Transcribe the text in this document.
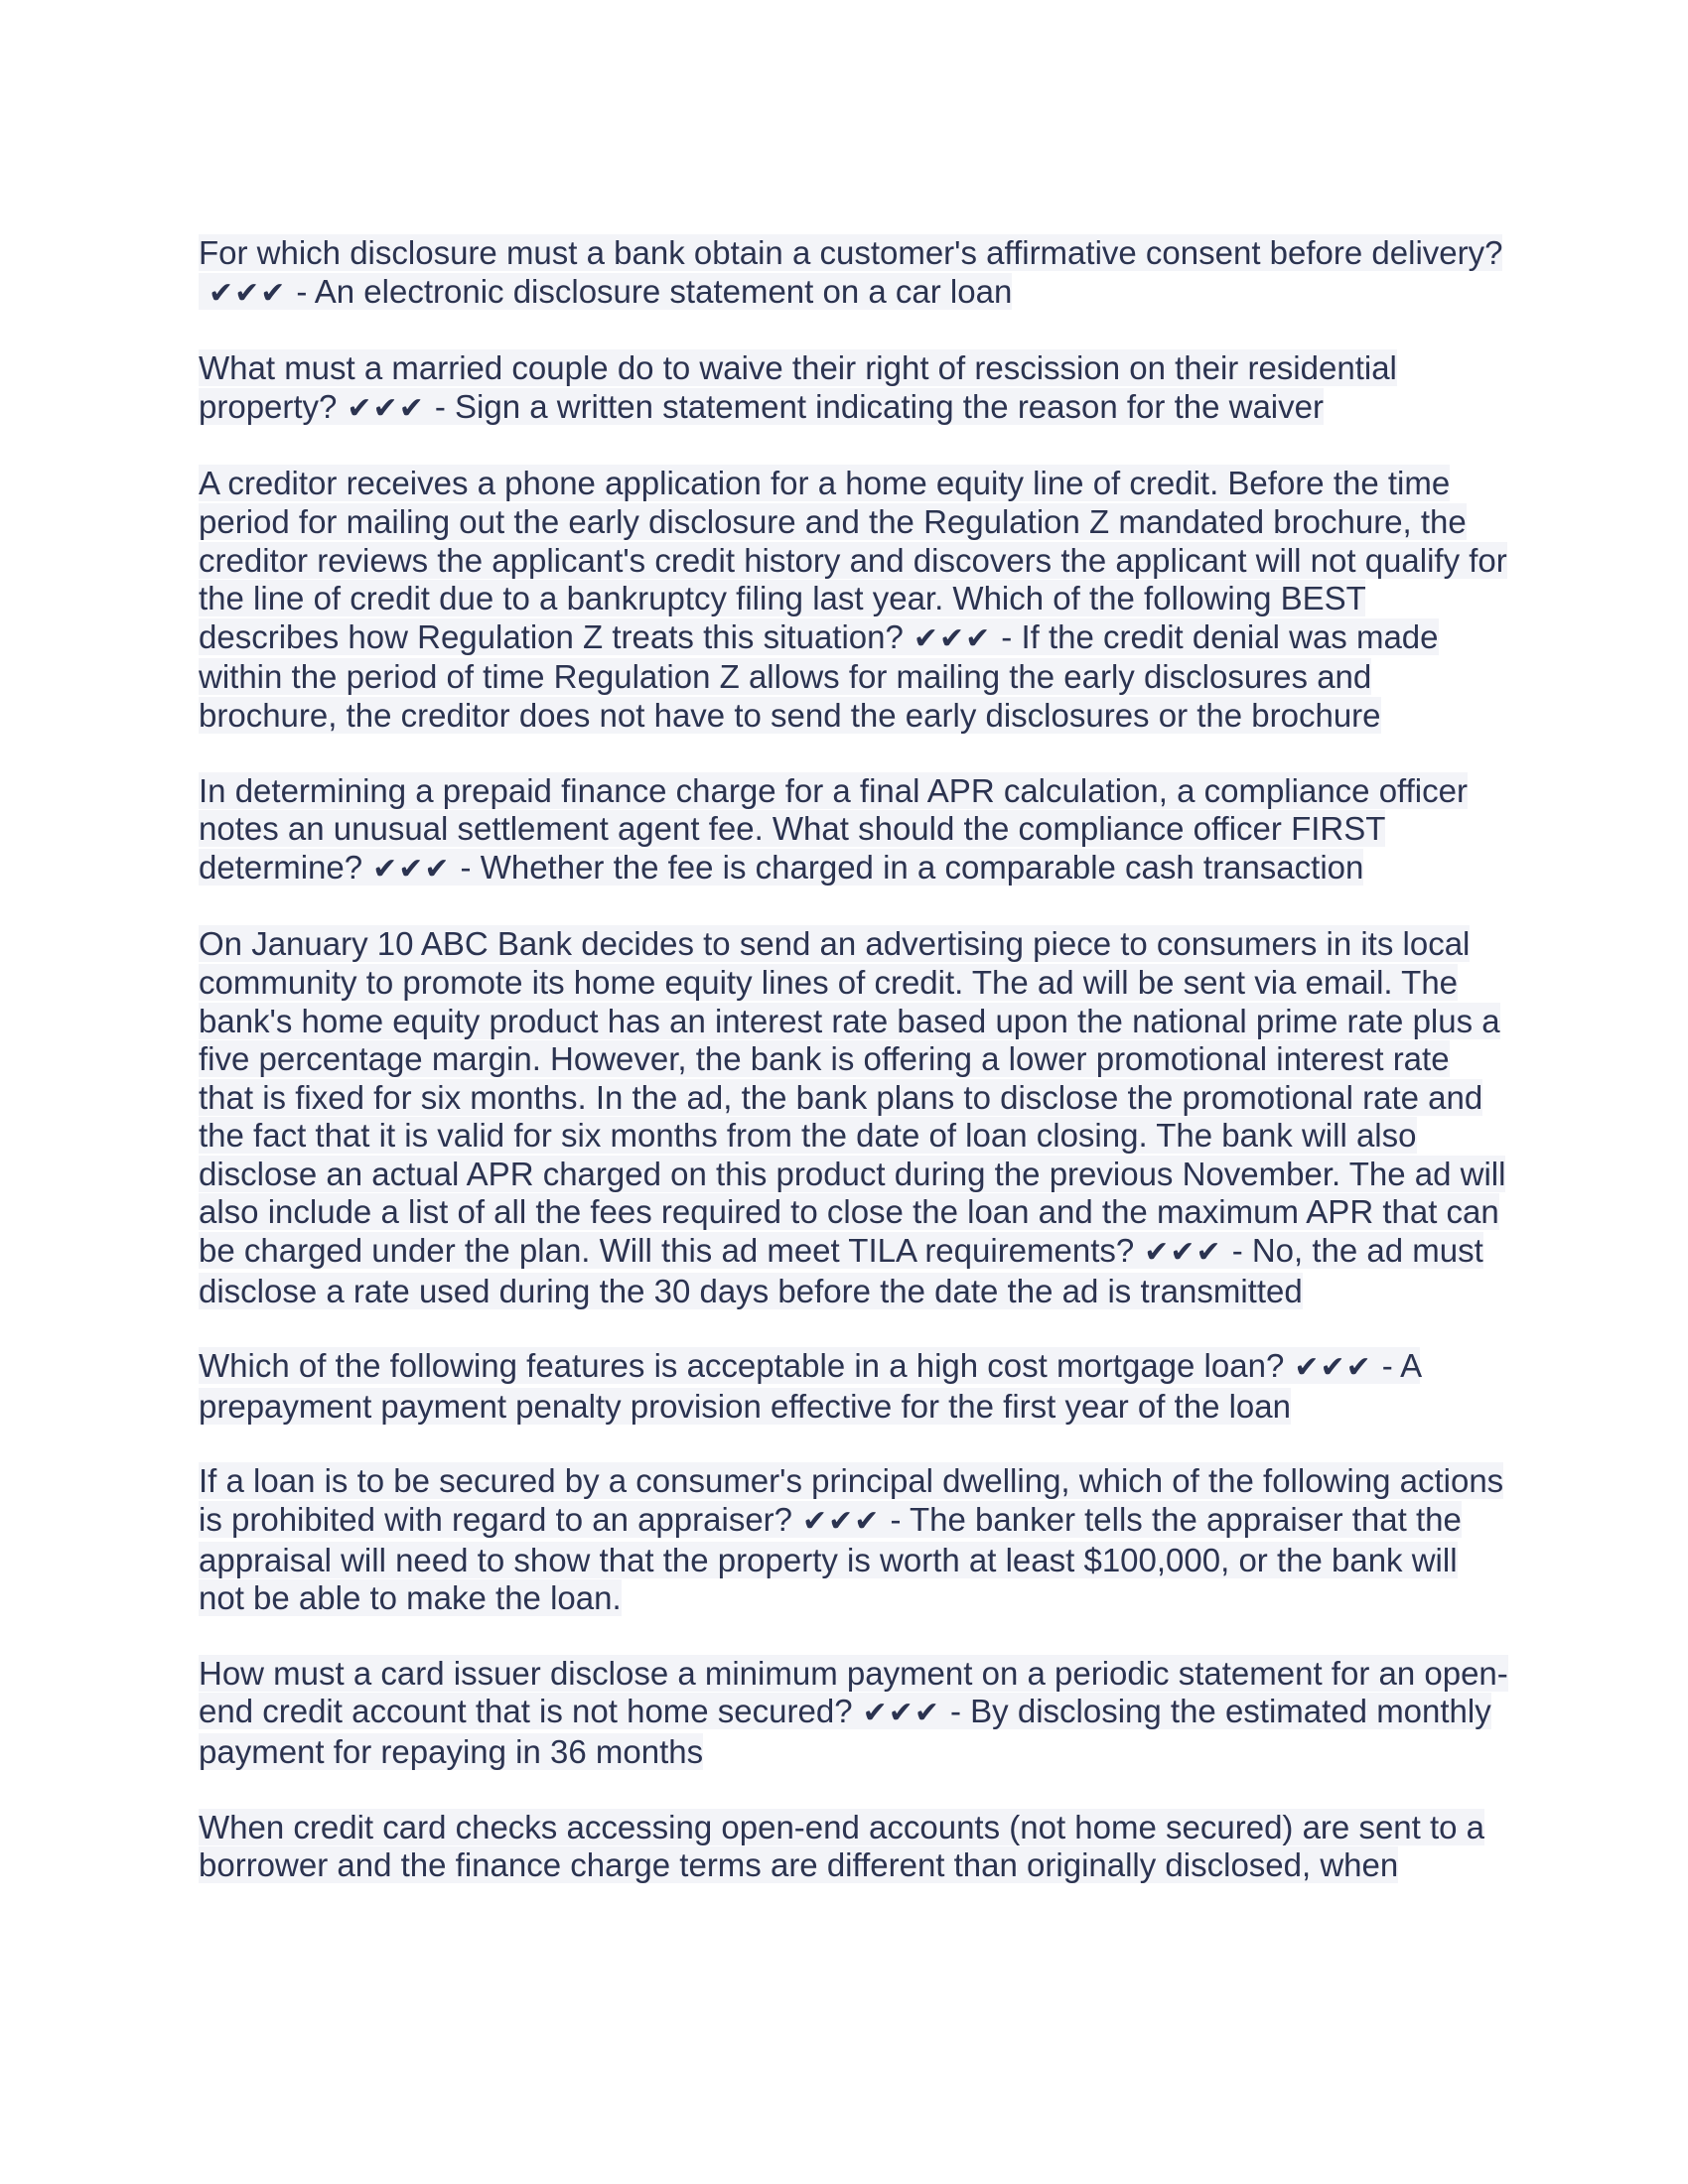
For which disclosure must a bank obtain a customer's affirmative consent before delivery?✔✔✔ - An electronic disclosure statement on a car loan

What must a married couple do to waive their right of rescission on their residential property? ✔✔✔ - Sign a written statement indicating the reason for the waiver

A creditor receives a phone application for a home equity line of credit. Before the time period for mailing out the early disclosure and the Regulation Z mandated brochure, the creditor reviews the applicant's credit history and discovers the applicant will not qualify for the line of credit due to a bankruptcy filing last year. Which of the following BEST describes how Regulation Z treats this situation? ✔✔✔ - If the credit denial was made within the period of time Regulation Z allows for mailing the early disclosures and brochure, the creditor does not have to send the early disclosures or the brochure

In determining a prepaid finance charge for a final APR calculation, a compliance officer notes an unusual settlement agent fee. What should the compliance officer FIRST determine? ✔✔✔ - Whether the fee is charged in a comparable cash transaction

On January 10 ABC Bank decides to send an advertising piece to consumers in its local community to promote its home equity lines of credit. The ad will be sent via email. The bank's home equity product has an interest rate based upon the national prime rate plus a five percentage margin. However, the bank is offering a lower promotional interest rate that is fixed for six months. In the ad, the bank plans to disclose the promotional rate and the fact that it is valid for six months from the date of loan closing. The bank will also disclose an actual APR charged on this product during the previous November. The ad will also include a list of all the fees required to close the loan and the maximum APR that can be charged under the plan. Will this ad meet TILA requirements? ✔✔✔ - No, the ad must disclose a rate used during the 30 days before the date the ad is transmitted

Which of the following features is acceptable in a high cost mortgage loan? ✔✔✔ - A prepayment payment penalty provision effective for the first year of the loan

If a loan is to be secured by a consumer's principal dwelling, which of the following actions is prohibited with regard to an appraiser? ✔✔✔ - The banker tells the appraiser that the appraisal will need to show that the property is worth at least $100,000, or the bank will not be able to make the loan.

How must a card issuer disclose a minimum payment on a periodic statement for an open-end credit account that is not home secured? ✔✔✔ - By disclosing the estimated monthly payment for repaying in 36 months

When credit card checks accessing open-end accounts (not home secured) are sent to a borrower and the finance charge terms are different than originally disclosed, when
